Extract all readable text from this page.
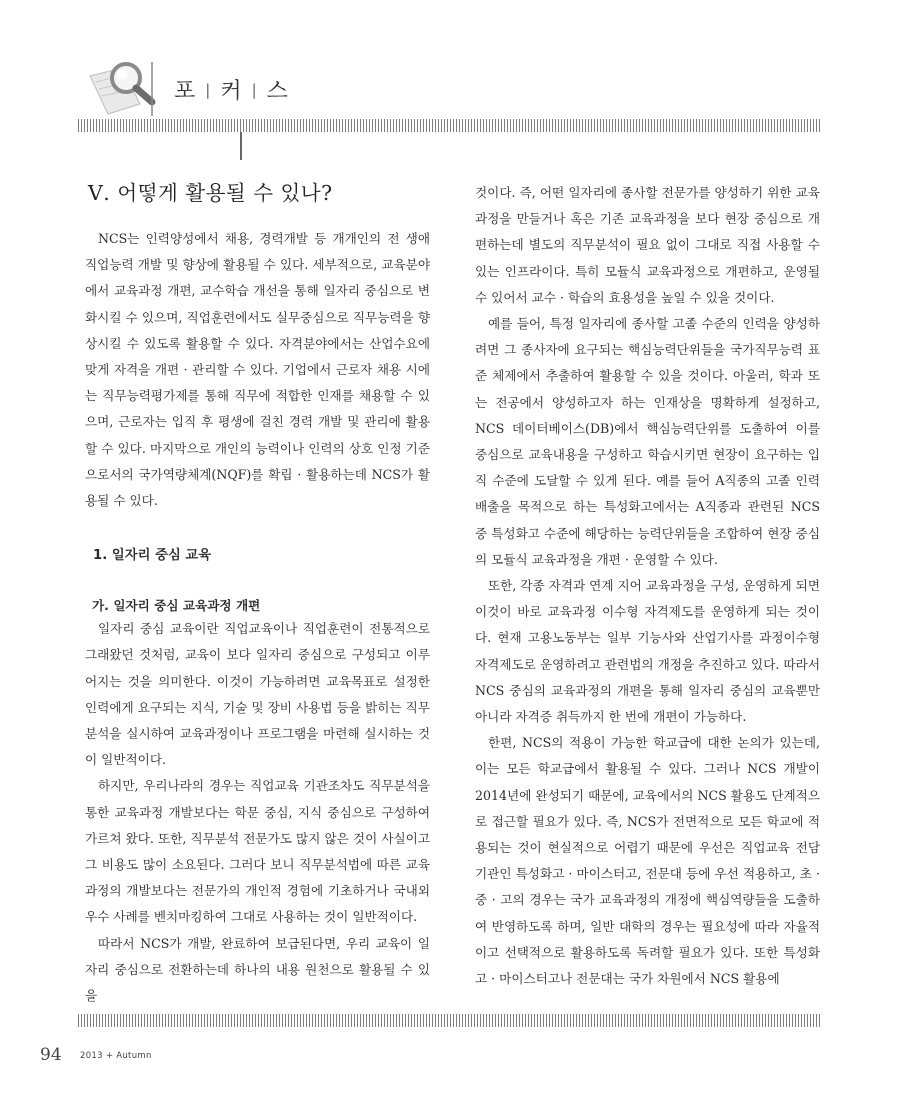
포 | 커 | 스
Ⅴ. 어떻게 활용될 수 있나?

NCS는 인력양성에서 채용, 경력개발 등 개개인의 전 생애 직업능력 개발 및 향상에 활용될 수 있다. 세부적으로, 교육분야에서 교육과정 개편, 교수학습 개선을 통해 일자리 중심으로 변화시킬 수 있으며, 직업훈련에서도 실무중심으로 직무능력을 향상시킬 수 있도록 활용할 수 있다. 자격분야에서는 산업수요에 맞게 자격을 개편 · 관리할 수 있다. 기업에서 근로자 채용 시에는 직무능력평가제를 통해 직무에 적합한 인재를 채용할 수 있으며, 근로자는 입직 후 평생에 걸친 경력 개발 및 관리에 활용할 수 있다. 마지막으로 개인의 능력이나 인력의 상호 인정 기준으로서의 국가역량체계(NQF)를 확립 · 활용하는데 NCS가 활용될 수 있다.

1. 일자리 중심 교육
가. 일자리 중심 교육과정 개편

일자리 중심 교육이란 직업교육이나 직업훈련이 전통적으로 그래왔던 것처럼, 교육이 보다 일자리 중심으로 구성되고 이루어지는 것을 의미한다. 이것이 가능하려면 교육목표로 설정한 인력에게 요구되는 지식, 기술 및 장비 사용법 등을 밝히는 직무분석을 실시하여 교육과정이나 프로그램을 마련해 실시하는 것이 일반적이다.

하지만, 우리나라의 경우는 직업교육 기관조차도 직무분석을 통한 교육과정 개발보다는 학문 중심, 지식 중심으로 구성하여 가르쳐 왔다. 또한, 직무분석 전문가도 많지 않은 것이 사실이고 그 비용도 많이 소요된다. 그러다 보니 직무분석법에 따른 교육과정의 개발보다는 전문가의 개인적 경험에 기초하거나 국내외 우수 사례를 벤치마킹하여 그대로 사용하는 것이 일반적이다.

따라서 NCS가 개발, 완료하여 보급된다면, 우리 교육이 일자리 중심으로 전환하는데 하나의 내용 원천으로 활용될 수 있을

것이다. 즉, 어떤 일자리에 종사할 전문가를 양성하기 위한 교육과정을 만들거나 혹은 기존 교육과정을 보다 현장 중심으로 개편하는데 별도의 직무분석이 필요 없이 그대로 직접 사용할 수 있는 인프라이다. 특히 모듈식 교육과정으로 개편하고, 운영될 수 있어서 교수 · 학습의 효용성을 높일 수 있을 것이다.

예를 들어, 특정 일자리에 종사할 고졸 수준의 인력을 양성하려면 그 종사자에 요구되는 핵심능력단위들을 국가직무능력 표준 체제에서 추출하여 활용할 수 있을 것이다. 아울러, 학과 또는 전공에서 양성하고자 하는 인재상을 명확하게 설정하고, NCS 데이터베이스(DB)에서 핵심능력단위를 도출하여 이를 중심으로 교육내용을 구성하고 학습시키면 현장이 요구하는 입직 수준에 도달할 수 있게 된다. 예를 들어 A직종의 고졸 인력 배출을 목적으로 하는 특성화고에서는 A직종과 관련된 NCS 중 특성화고 수준에 해당하는 능력단위들을 조합하여 현장 중심의 모듈식 교육과정을 개편 · 운영할 수 있다.

또한, 각종 자격과 연계 지어 교육과정을 구성, 운영하게 되면 이것이 바로 교육과정 이수형 자격제도를 운영하게 되는 것이다. 현재 고용노동부는 일부 기능사와 산업기사를 과정이수형 자격제도로 운영하려고 관련법의 개정을 추진하고 있다. 따라서 NCS 중심의 교육과정의 개편을 통해 일자리 중심의 교육뿐만 아니라 자격증 취득까지 한 번에 개편이 가능하다.

한편, NCS의 적용이 가능한 학교급에 대한 논의가 있는데, 이는 모든 학교급에서 활용될 수 있다. 그러나 NCS 개발이 2014년에 완성되기 때문에, 교육에서의 NCS 활용도 단계적으로 접근할 필요가 있다. 즉, NCS가 전면적으로 모든 학교에 적용되는 것이 현실적으로 어렵기 때문에 우선은 직업교육 전담 기관인 특성화고 · 마이스터고, 전문대 등에 우선 적용하고, 초 · 중 · 고의 경우는 국가 교육과정의 개정에 핵심역량들을 도출하여 반영하도록 하며, 일반 대학의 경우는 필요성에 따라 자율적이고 선택적으로 활용하도록 독려할 필요가 있다. 또한 특성화고 · 마이스터고나 전문대는 국가 차원에서 NCS 활용에

94 2013 + Autumn
